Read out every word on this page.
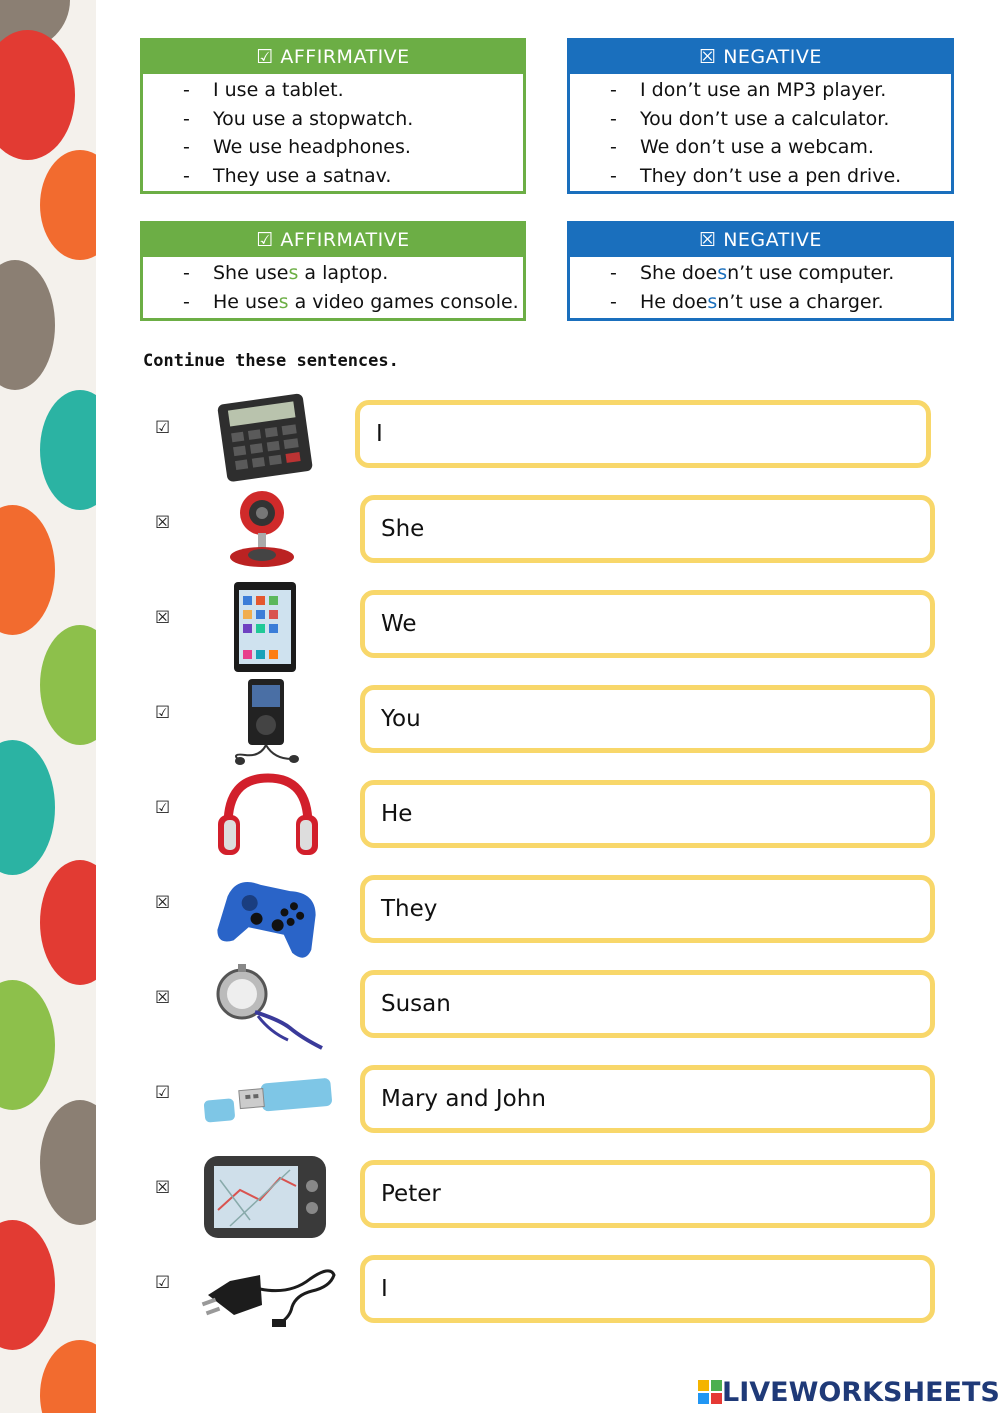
☑ AFFIRMATIVE
- I use a tablet.
- You use a stopwatch.
- We use headphones.
- They use a satnav.
☒ NEGATIVE
- I don’t use an MP3 player.
- You don’t use a calculator.
- We don’t use a webcam.
- They don’t use a pen drive.
☑ AFFIRMATIVE
- She uses a laptop.
- He uses a video games console.
☒ NEGATIVE
- She doesn’t use computer.
- He doesn’t use a charger.
Continue these sentences.
☑	I
☒	She
☒	We
☑	You
☑	He
☒	They
☒	Susan
☑	Mary and John
☒	Peter
☑	I
LIVEWORKSHEETS
